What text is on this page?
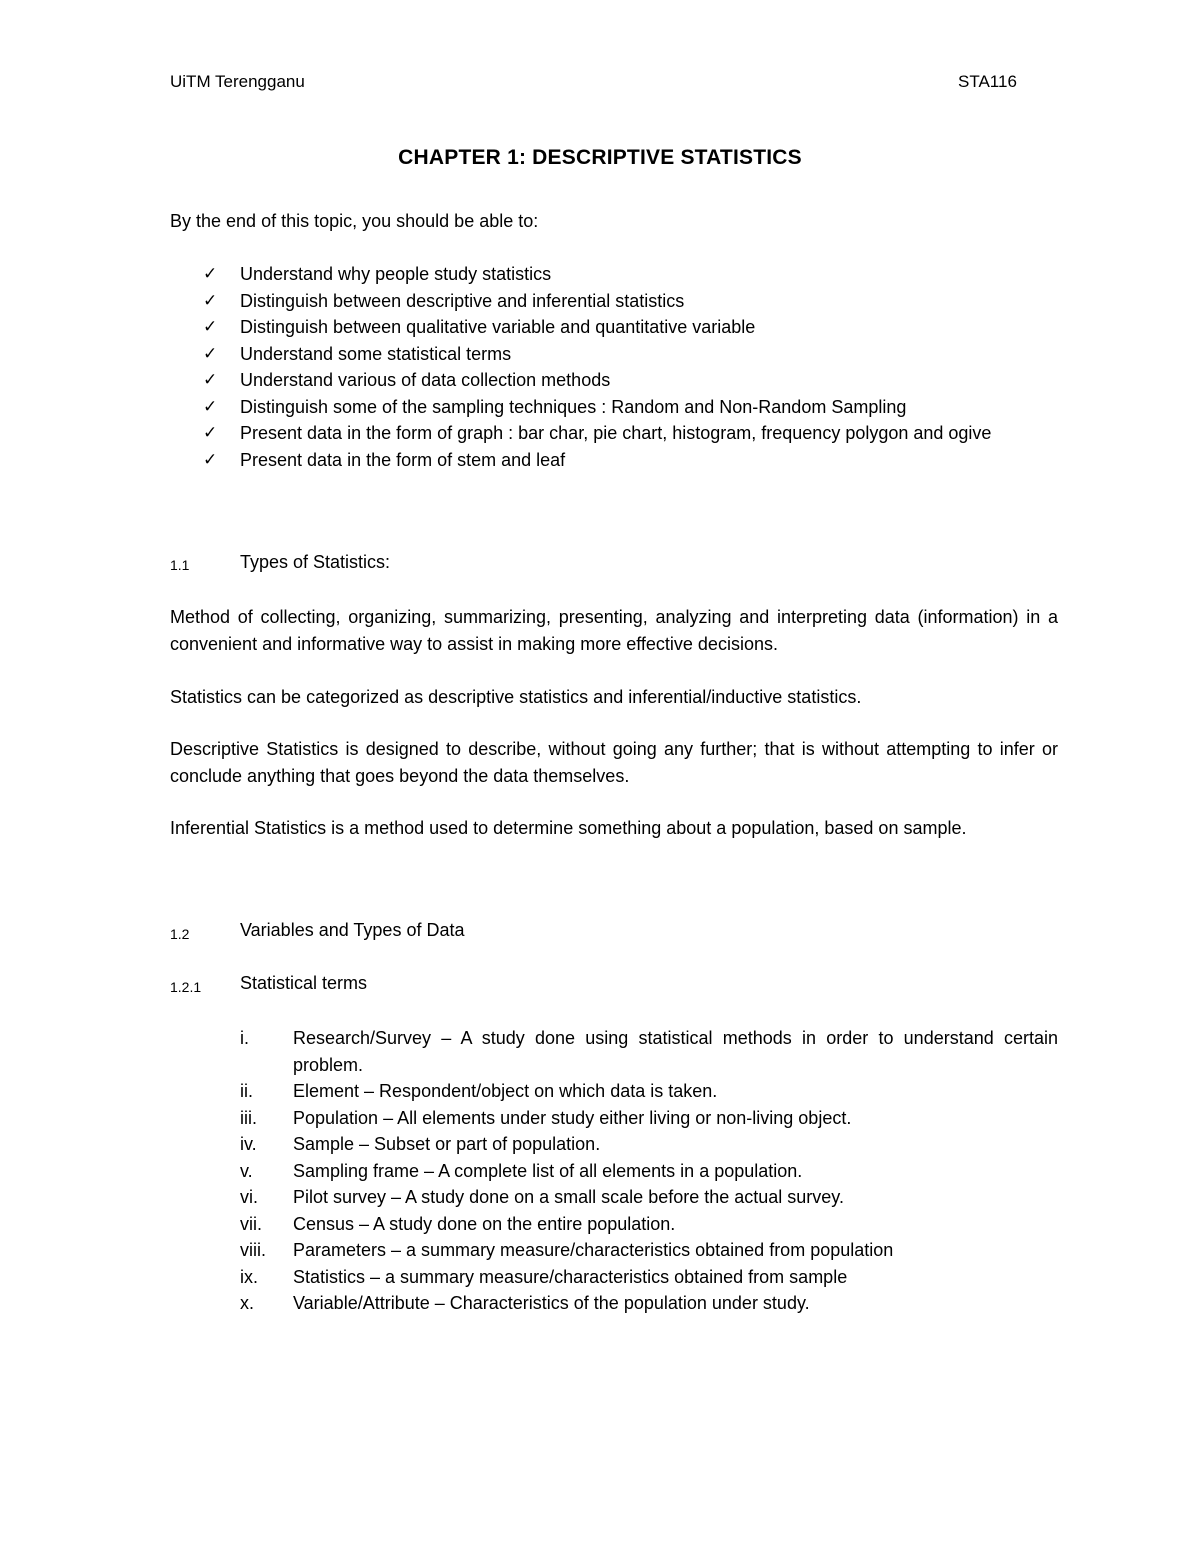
UiTM Terengganu	STA116
CHAPTER 1: DESCRIPTIVE STATISTICS
By the end of this topic, you should be able to:
✓ Understand why people study statistics
✓ Distinguish between descriptive and inferential statistics
✓ Distinguish between qualitative variable and quantitative variable
✓ Understand some statistical terms
✓ Understand various of data collection methods
✓ Distinguish some of the sampling techniques : Random and Non-Random Sampling
✓ Present data in the form of graph : bar char, pie chart, histogram, frequency polygon and ogive
✓ Present data in the form of stem and leaf
1.1	Types of Statistics:

Method of collecting, organizing, summarizing, presenting, analyzing and interpreting data (information) in a convenient and informative way to assist in making more effective decisions.

Statistics can be categorized as descriptive statistics and inferential/inductive statistics.

Descriptive Statistics is designed to describe, without going any further; that is without attempting to infer or conclude anything that goes beyond the data themselves.

Inferential Statistics is a method used to determine something about a population, based on sample.

1.2	Variables and Types of Data
1.2.1 Statistical terms
i. Research/Survey – A study done using statistical methods in order to understand certain problem.
ii. Element – Respondent/object on which data is taken.
iii. Population – All elements under study either living or non-living object.
iv. Sample – Subset or part of population.
v. Sampling frame – A complete list of all elements in a population.
vi. Pilot survey – A study done on a small scale before the actual survey.
vii. Census – A study done on the entire population.
viii. Parameters – a summary measure/characteristics obtained from population
ix. Statistics – a summary measure/characteristics obtained from sample
x. Variable/Attribute – Characteristics of the population under study.
